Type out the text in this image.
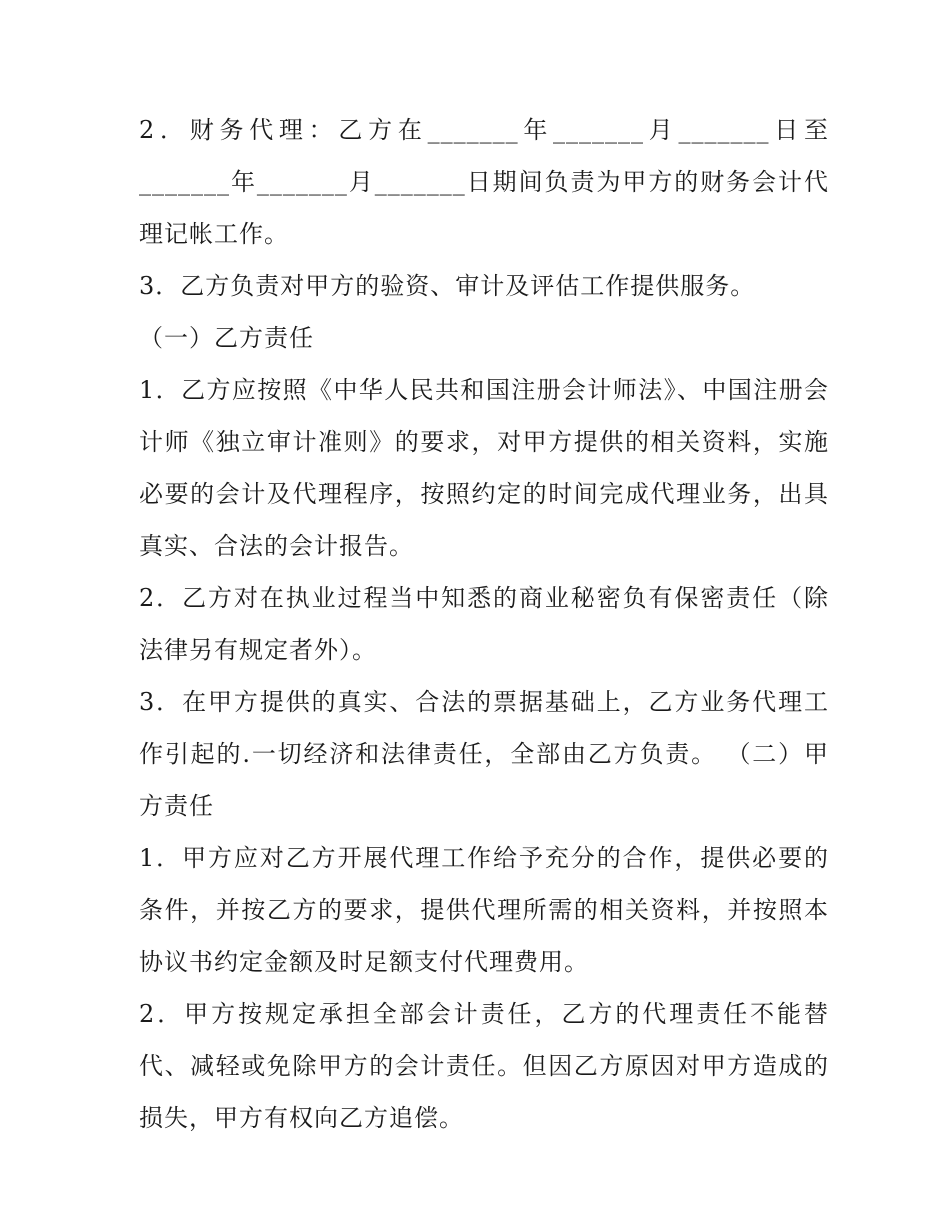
2．财务代理：乙方在_______年_______月_______日至_______年_______月_______日期间负责为甲方的财务会计代理记帐工作。

3．乙方负责对甲方的验资、审计及评估工作提供服务。

（一）乙方责任

1．乙方应按照《中华人民共和国注册会计师法》、中国注册会计师《独立审计准则》的要求，对甲方提供的相关资料，实施必要的会计及代理程序，按照约定的时间完成代理业务，出具真实、合法的会计报告。

2．乙方对在执业过程当中知悉的商业秘密负有保密责任（除法律另有规定者外）。

3．在甲方提供的真实、合法的票据基础上，乙方业务代理工作引起的.一切经济和法律责任，全部由乙方负责。 （二）甲方责任

1．甲方应对乙方开展代理工作给予充分的合作，提供必要的条件，并按乙方的要求，提供代理所需的相关资料，并按照本协议书约定金额及时足额支付代理费用。

2．甲方按规定承担全部会计责任，乙方的代理责任不能替代、减轻或免除甲方的会计责任。但因乙方原因对甲方造成的损失，甲方有权向乙方追偿。
